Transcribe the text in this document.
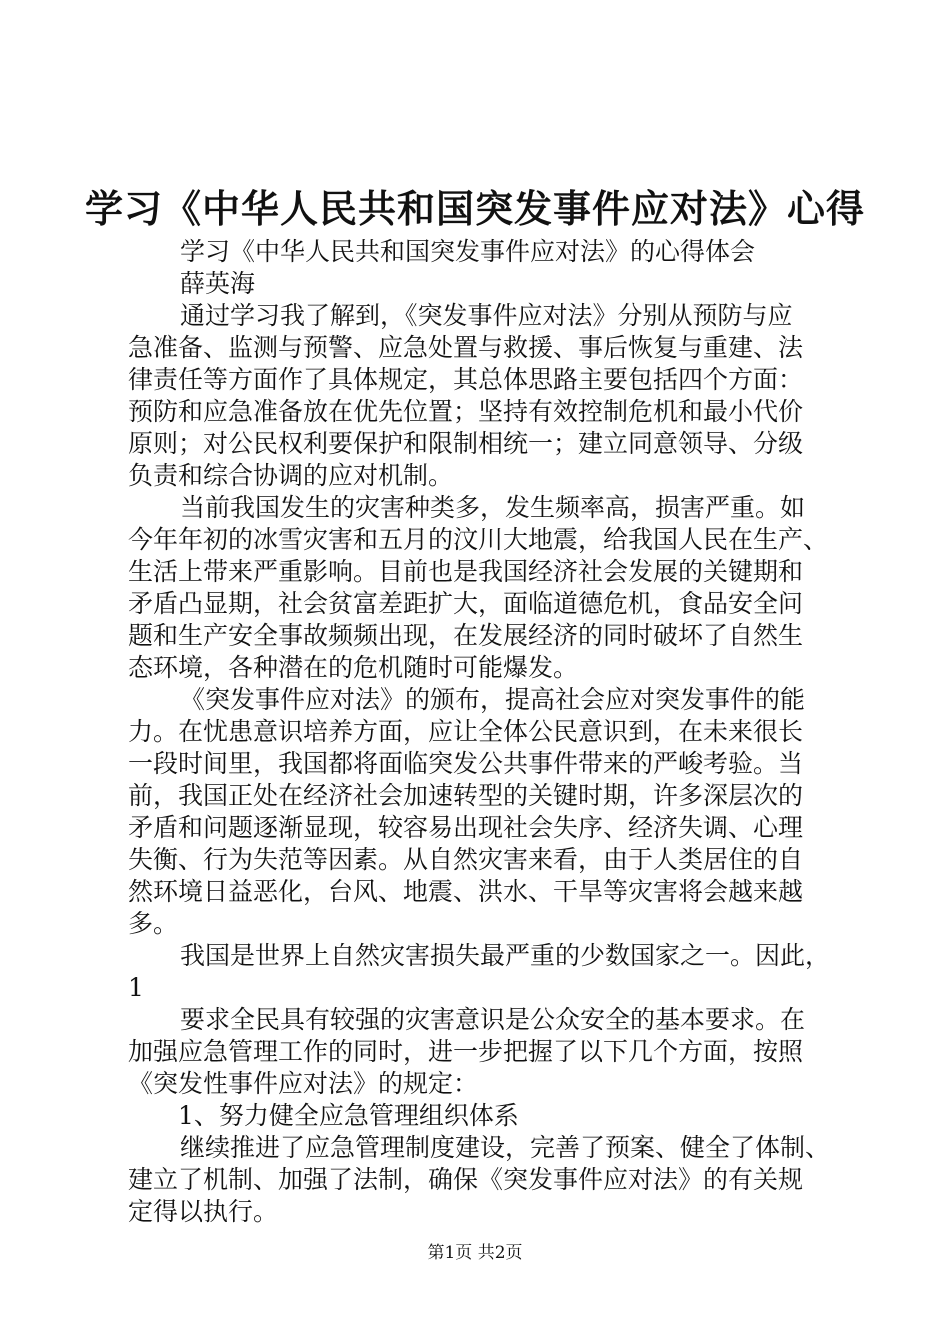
学习《中华人民共和国突发事件应对法》心得
学习《中华人民共和国突发事件应对法》的心得体会
薛英海
通过学习我了解到，《突发事件应对法》分别从预防与应
急准备、监测与预警、应急处置与救援、事后恢复与重建、法
律责任等方面作了具体规定，其总体思路主要包括四个方面：
预防和应急准备放在优先位置；坚持有效控制危机和最小代价
原则；对公民权利要保护和限制相统一；建立同意领导、分级
负责和综合协调的应对机制。
当前我国发生的灾害种类多，发生频率高，损害严重。如
今年年初的冰雪灾害和五月的汶川大地震，给我国人民在生产、
生活上带来严重影响。目前也是我国经济社会发展的关键期和
矛盾凸显期，社会贫富差距扩大，面临道德危机，食品安全问
题和生产安全事故频频出现，在发展经济的同时破坏了自然生
态环境，各种潜在的危机随时可能爆发。
《突发事件应对法》的颁布，提高社会应对突发事件的能
力。在忧患意识培养方面，应让全体公民意识到，在未来很长
一段时间里，我国都将面临突发公共事件带来的严峻考验。当
前，我国正处在经济社会加速转型的关键时期，许多深层次的
矛盾和问题逐渐显现，较容易出现社会失序、经济失调、心理
失衡、行为失范等因素。从自然灾害来看，由于人类居住的自
然环境日益恶化，台风、地震、洪水、干旱等灾害将会越来越
多。
我国是世界上自然灾害损失最严重的少数国家之一。因此，
1
要求全民具有较强的灾害意识是公众安全的基本要求。在
加强应急管理工作的同时，进一步把握了以下几个方面，按照
《突发性事件应对法》的规定：
1、努力健全应急管理组织体系
继续推进了应急管理制度建设，完善了预案、健全了体制、
建立了机制、加强了法制，确保《突发事件应对法》的有关规
定得以执行。
第1页 共2页
